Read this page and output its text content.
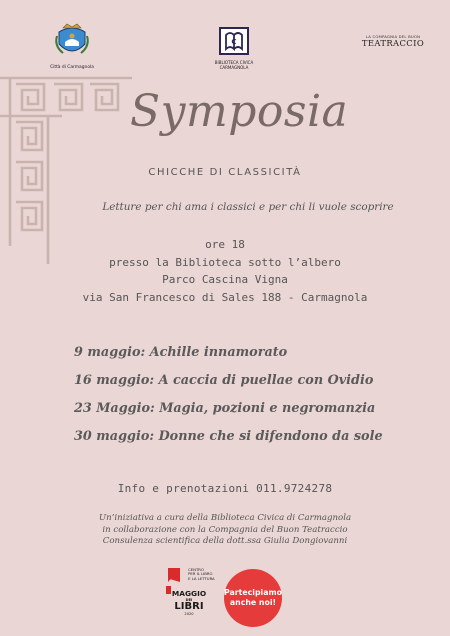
Città di Carmagnola
C
BIBLIOTECA CIVICA CARMAGNOLA
LA COMPAGNIA DEL BUON
TEATRACCIO
Symposia
CHICCHE DI CLASSICITÀ
Letture per chi ama i classici e per chi li vuole scoprire
ore 18
presso la Biblioteca sotto l’albero
Parco Cascina Vigna
via San Francesco di Sales 188 - Carmagnola
9 maggio: Achille innamorato
16 maggio: A caccia di puellae con Ovidio
23 Maggio: Magia, pozioni e negromanzia
30 maggio: Donne che si difendono da sole
Info e prenotazioni 011.9724278
Un’iniziativa a cura della Biblioteca Civica di Carmagnola
in collaborazione con la Compagnia del Buon Teatraccio
Consulenza scientifica della dott.ssa Giulia Dongiovanni

CENTRO
PER IL LIBRO
E LA LETTURA
MAGGIO
DEI
LIBRI
2020
Partecipiamo
anche noi!
